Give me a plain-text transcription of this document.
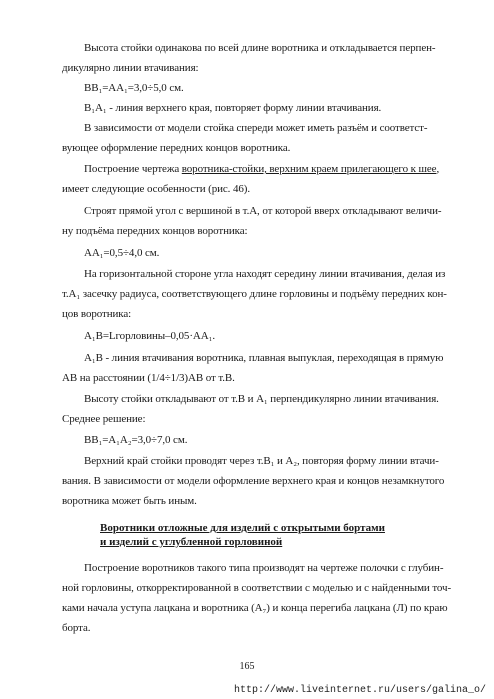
Высота стойки одинакова по всей длине воротника и откладывается перпен-
дикулярно линии втачивания:
ВВ₁=АА₁=3,0÷5,0 см.
В₁А₁ - линия верхнего края, повторяет форму линии втачивания.
В зависимости от модели стойка спереди может иметь разъём и соответст-
вующее оформление передних концов воротника.
Построение чертежа воротника-стойки, верхним краем прилегающего к шее,
имеет следующие особенности (рис. 46).
Строят прямой угол с вершиной в т.А, от которой вверх откладывают величи-
ну подъёма передних концов воротника:
АА₁=0,5÷4,0 см.
На горизонтальной стороне угла находят середину линии втачивания, делая из
т.А₁ засечку радиуса, соответствующего длине горловины и подъёму передних кон-
цов воротника:
А₁В=Lгорловины–0,05·АА₁.
А₁В - линия втачивания воротника, плавная выпуклая, переходящая в прямую
АВ на расстоянии (1/4÷1/3)АВ от т.В.
Высоту стойки откладывают от т.В и А₁ перпендикулярно линии втачивания.
Среднее решение:
ВВ₁=А₁А₂=3,0÷7,0 см.
Верхний край стойки проводят через т.В₁ и А₂, повторяя форму линии втачи-
вания. В зависимости от модели оформление верхнего края и концов незамкнутого
воротника может быть иным.
Воротники отложные для изделий с открытыми бортами
и изделий с углубленной горловиной
Построение воротников такого типа производят на чертеже полочки с глубин-
ной горловины, откорректированной в соответствии с моделью и с найденными точ-
ками начала уступа лацкана и воротника (А₇) и конца перегиба лацкана (Л) по краю
борта.
165
http://www.liveinternet.ru/users/galina_o/
